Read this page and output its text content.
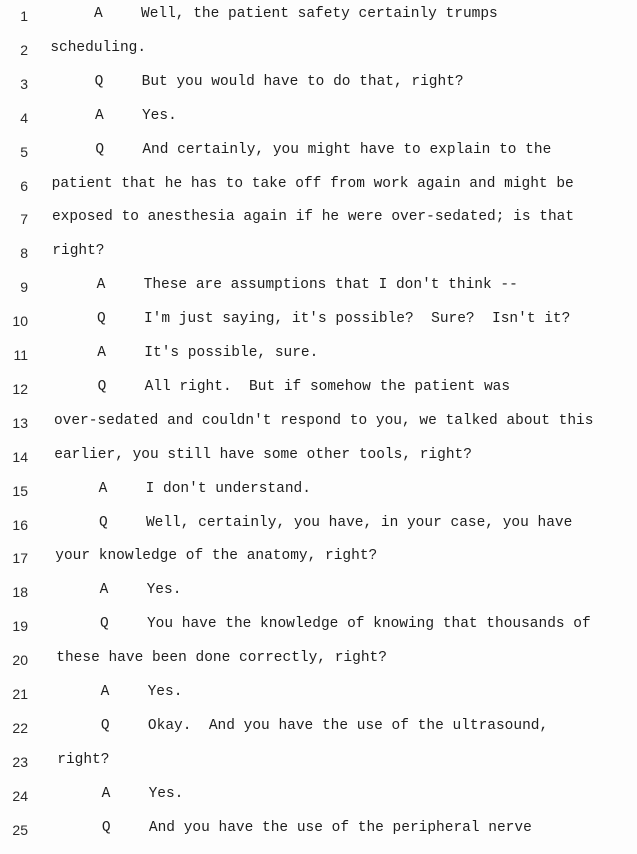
1	A	Well, the patient safety certainly trumps
2 scheduling.
3	Q	But you would have to do that, right?
4	A	Yes.
5	Q	And certainly, you might have to explain to the
6 patient that he has to take off from work again and might be
7 exposed to anesthesia again if he were over-sedated; is that
8 right?
9	A	These are assumptions that I don't think --
10	Q	I'm just saying, it's possible?  Sure?  Isn't it?
11	A	It's possible, sure.
12	Q	All right.  But if somehow the patient was
13 over-sedated and couldn't respond to you, we talked about this
14 earlier, you still have some other tools, right?
15	A	I don't understand.
16	Q	Well, certainly, you have, in your case, you have
17 your knowledge of the anatomy, right?
18	A	Yes.
19	Q	You have the knowledge of knowing that thousands of
20 these have been done correctly, right?
21	A	Yes.
22	Q	Okay.  And you have the use of the ultrasound,
23 right?
24	A	Yes.
25	Q	And you have the use of the peripheral nerve
